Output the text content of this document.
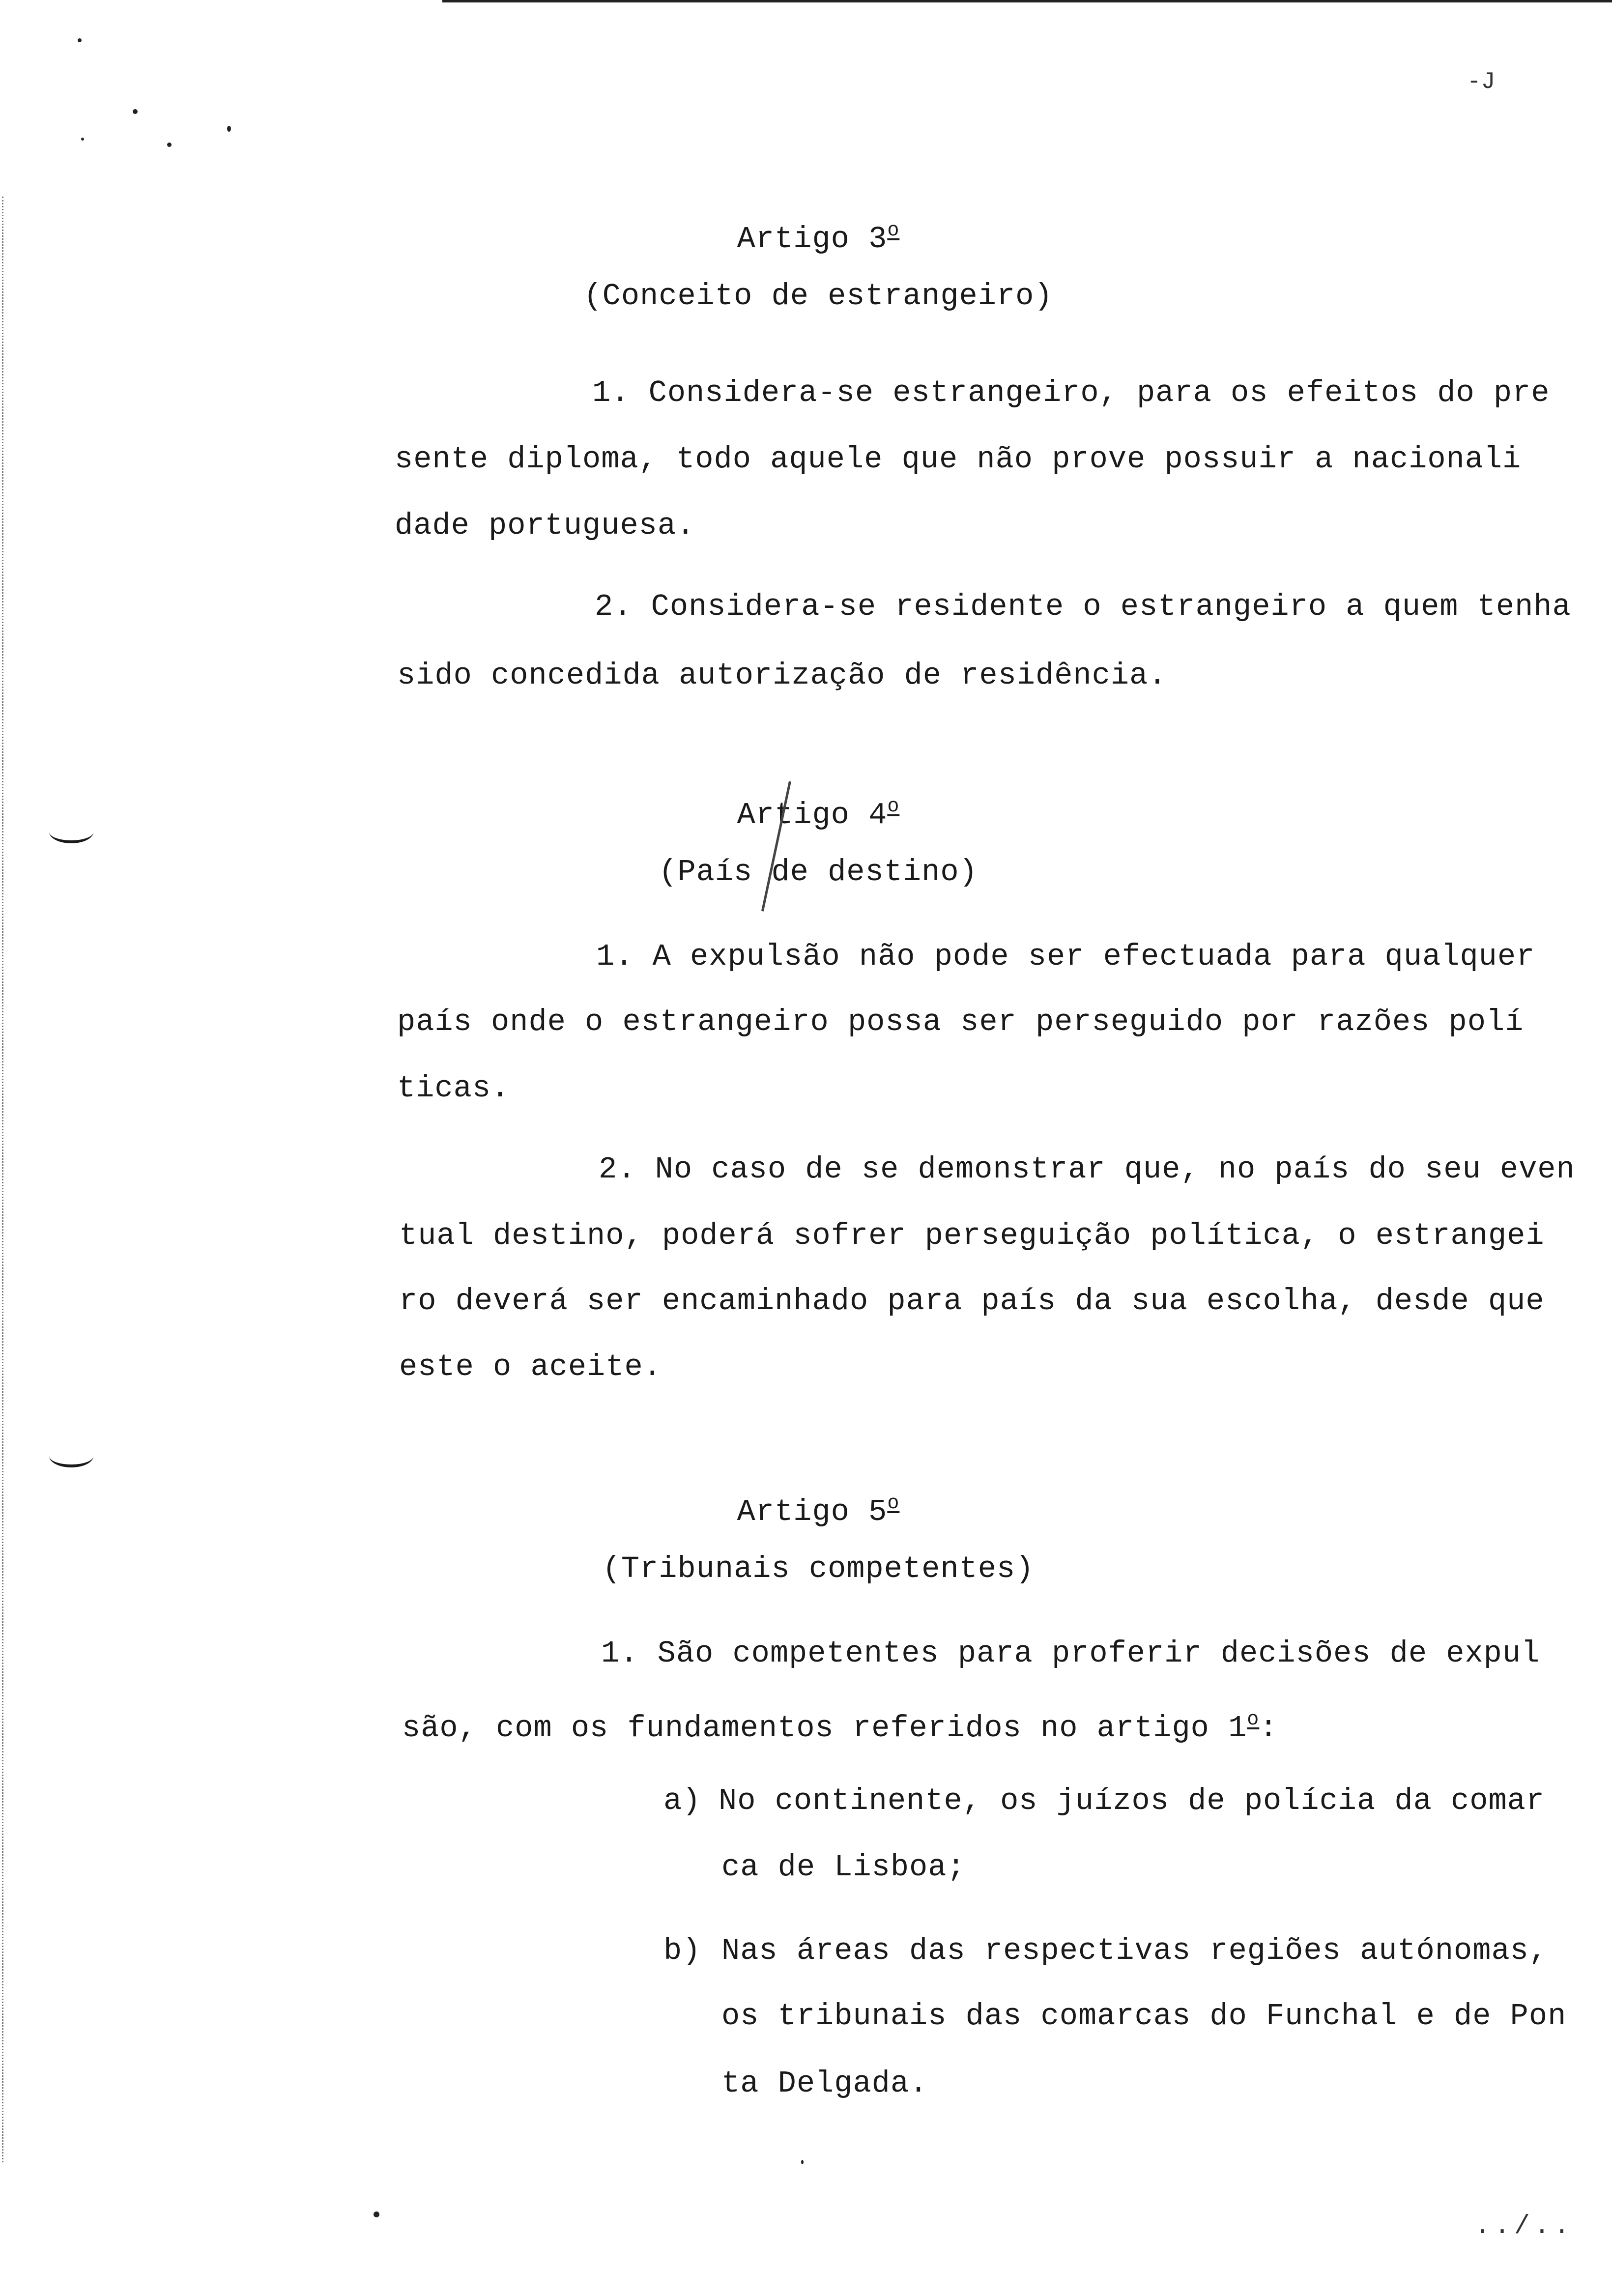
-J
Artigo 3$^o$
(Conceito de estrangeiro)
1. Considera-se estrangeiro, para os efeitos do pre
sente diploma, todo aquele que não prove possuir a nacionali
dade portuguesa.
2. Considera-se residente o estrangeiro a quem tenha
sido concedida autorização de residência.
Artigo 4$^o$
(País de destino)
1. A expulsão não pode ser efectuada para qualquer
país onde o estrangeiro possa ser perseguido por razões polí
ticas.
2. No caso de se demonstrar que, no país do seu even
tual destino, poderá sofrer perseguição política, o estrangei
ro deverá ser encaminhado para país da sua escolha, desde que
este o aceite.
Artigo 5$^o$
(Tribunais competentes)
1. São competentes para proferir decisões de expul
são, com os fundamentos referidos no artigo 1$^o$:
a) No continente, os juízos de polícia da comar
ca de Lisboa;
b) Nas áreas das respectivas regiões autónomas,
os tribunais das comarcas do Funchal e de Pon
ta Delgada.
../..
